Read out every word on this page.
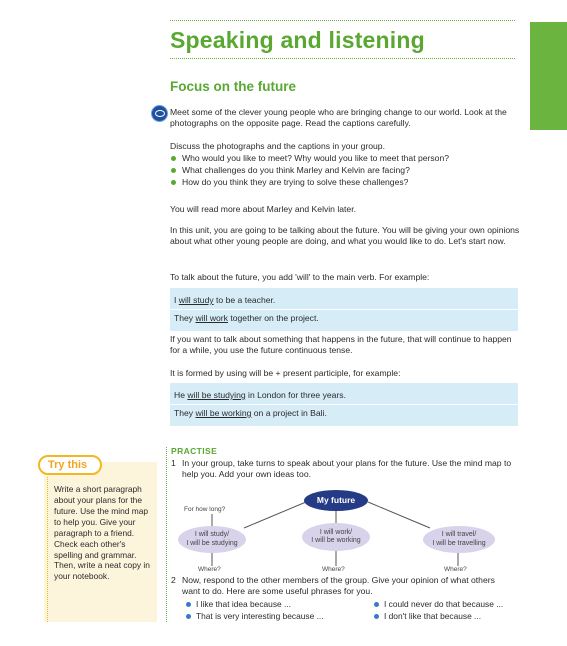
Speaking and listening
Focus on the future
Meet some of the clever young people who are bringing change to our world. Look at the photographs on the opposite page. Read the captions carefully.
Discuss the photographs and the captions in your group.
Who would you like to meet? Why would you like to meet that person?
What challenges do you think Marley and Kelvin are facing?
How do you think they are trying to solve these challenges?
You will read more about Marley and Kelvin later.
In this unit, you are going to be talking about the future. You will be giving your own opinions about what other young people are doing, and what you would like to do. Let's start now.
To talk about the future, you add 'will' to the main verb. For example:
I will study to be a teacher.
They will work together on the project.
If you want to talk about something that happens in the future, that will continue to happen for a while, you use the future continuous tense.
It is formed by using will be + present participle, for example:
He will be studying in London for three years.
They will be working on a project in Bali.
PRACTISE
1 In your group, take turns to speak about your plans for the future. Use the mind map to help you. Add your own ideas too.
My future
For how long?
I will study/
I will be studying
I will work/
I will be working
I will travel/
I will be travelling
Where?	Where?	Where?
2 Now, respond to the other members of the group. Give your opinion of what others want to do. Here are some useful phrases for you.
I like that idea because ...	I could never do that because ...
That is very interesting because ...	I don't like that because ...
Try this
Write a short paragraph about your plans for the future. Use the mind map to help you. Give your paragraph to a friend. Check each other's spelling and grammar. Then, write a neat copy in your notebook.
